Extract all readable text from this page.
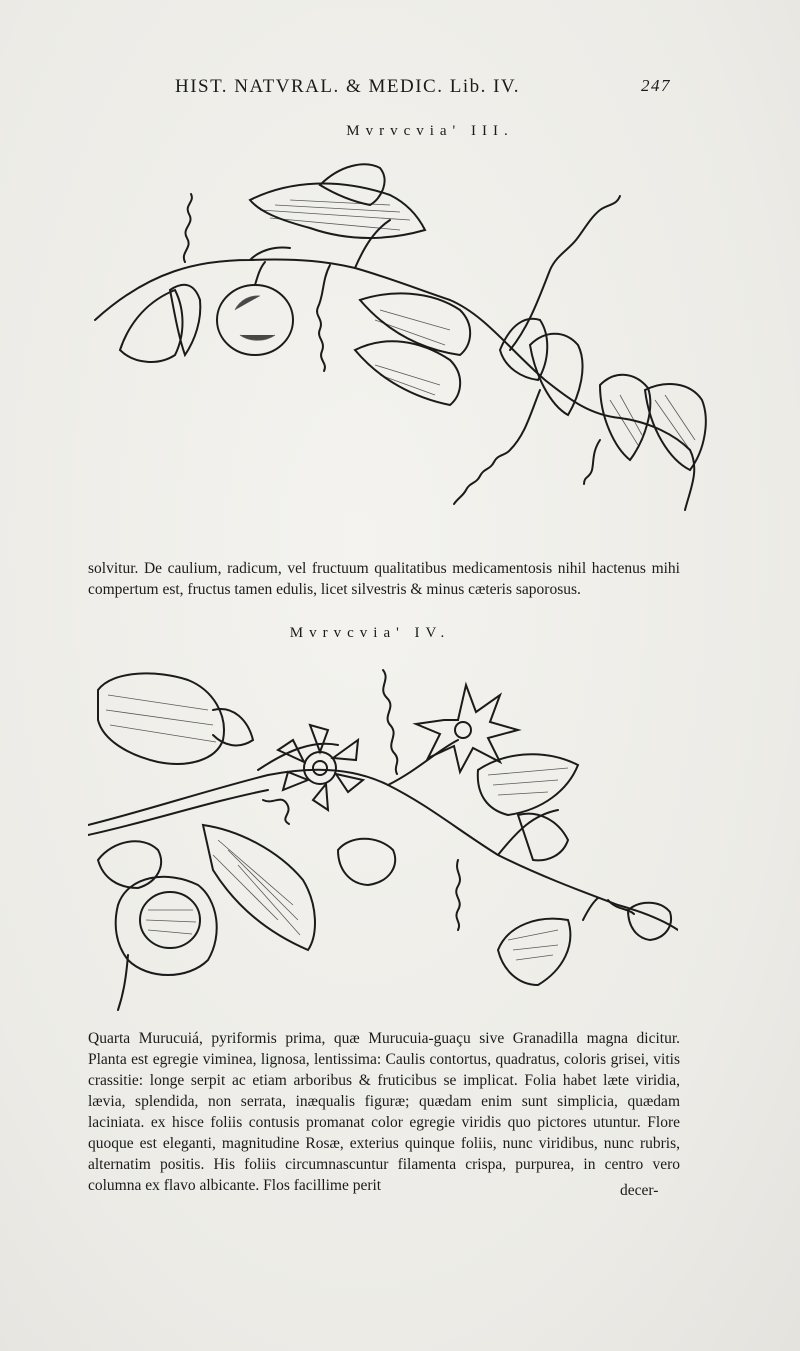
HIST. NATVRAL. & MEDIC. Lib. IV.	247
Mvrvcvia' III.

solvitur. De caulium, radicum, vel fructuum qualitatibus medicamentosis nihil hactenus mihi compertum est, fructus tamen edulis, licet silvestris & minus cæteris saporosus.

Mvrvcvia' IV.

Quarta Murucuiá, pyriformis prima, quæ Murucuia-guaçu sive Granadilla magna dicitur. Planta est egregie viminea, lignosa, lentissima: Caulis contortus, quadratus, coloris grisei, vitis crassitie: longe serpit ac etiam arboribus & fruticibus se implicat. Folia habet læte viridia, lævia, splendida, non serrata, inæqualis figuræ; quædam enim sunt simplicia, quædam laciniata. ex hisce foliis contusis promanat color egregie viridis quo pictores utuntur. Flore quoque est eleganti, magnitudine Rosæ, exterius quinque foliis, nunc viridibus, nunc rubris, alternatim positis. His foliis circumnascuntur filamenta crispa, purpurea, in centro vero columna ex flavo albicante. Flos facillime perit	decer-
